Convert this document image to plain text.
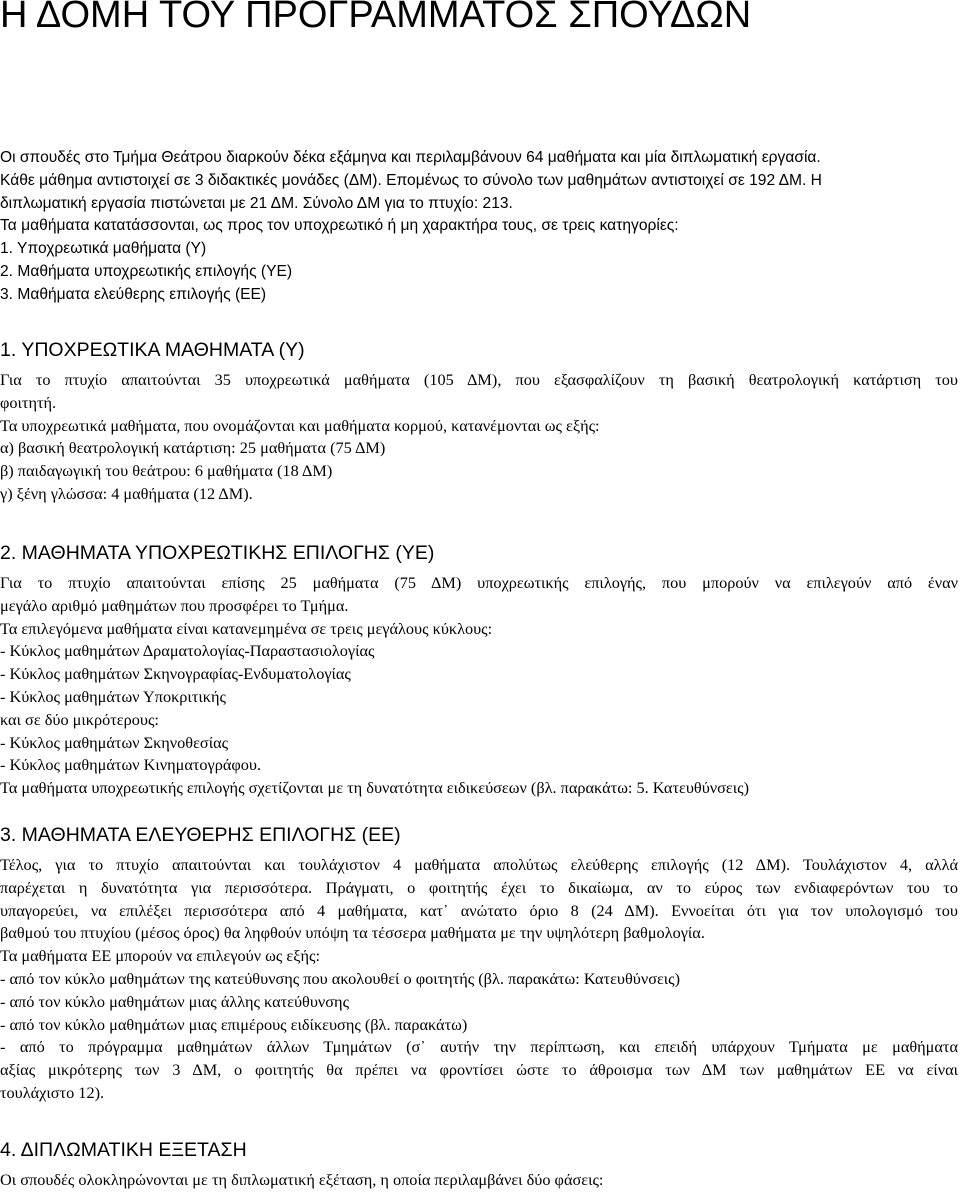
Η ΔΟΜΗ ΤΟΥ ΠΡΟΓΡΑΜΜΑΤΟΣ ΣΠΟΥΔΩΝ
Οι σπουδές στο Τμήμα Θεάτρου διαρκούν δέκα εξάμηνα και περιλαμβάνουν 64 μαθήματα και μία διπλωματική εργασία.
Κάθε μάθημα αντιστοιχεί σε 3 διδακτικές μονάδες (ΔΜ). Επομένως το σύνολο των μαθημάτων αντιστοιχεί σε 192 ΔΜ. Η
διπλωματική εργασία πιστώνεται με 21 ΔΜ. Σύνολο ΔΜ για το πτυχίο: 213.
Τα μαθήματα κατατάσσονται, ως προς τον υποχρεωτικό ή μη χαρακτήρα τους, σε τρεις κατηγορίες:
1. Υποχρεωτικά μαθήματα (Υ)
2. Μαθήματα υποχρεωτικής επιλογής (ΥΕ)
3. Μαθήματα ελεύθερης επιλογής (ΕΕ)
1. ΥΠΟΧΡΕΩΤΙΚΑ ΜΑΘΗΜΑΤΑ (Υ)
Για το πτυχίο απαιτούνται 35 υποχρεωτικά μαθήματα (105 ΔΜ), που εξασφαλίζουν τη βασική θεατρολογική κατάρτιση του
φοιτητή.
Τα υποχρεωτικά μαθήματα, που ονομάζονται και μαθήματα κορμού, κατανέμονται ως εξής:
α) βασική θεατρολογική κατάρτιση: 25 μαθήματα (75 ΔΜ)
β) παιδαγωγική του θεάτρου: 6 μαθήματα (18 ΔΜ)
γ) ξένη γλώσσα: 4 μαθήματα (12 ΔΜ).
2. ΜΑΘΗΜΑΤΑ ΥΠΟΧΡΕΩΤΙΚΗΣ ΕΠΙΛΟΓΗΣ (ΥΕ)
Για το πτυχίο απαιτούνται επίσης 25 μαθήματα (75 ΔΜ) υποχρεωτικής επιλογής, που μπορούν να επιλεγούν από έναν
μεγάλο αριθμό μαθημάτων που προσφέρει το Τμήμα.
Τα επιλεγόμενα μαθήματα είναι κατανεμημένα σε τρεις μεγάλους κύκλους:
- Κύκλος μαθημάτων Δραματολογίας-Παραστασιολογίας
- Κύκλος μαθημάτων Σκηνογραφίας-Ενδυματολογίας
- Κύκλος μαθημάτων Υποκριτικής
και σε δύο μικρότερους:
- Κύκλος μαθημάτων Σκηνοθεσίας
- Κύκλος μαθημάτων Κινηματογράφου.
Τα μαθήματα υποχρεωτικής επιλογής σχετίζονται με τη δυνατότητα ειδικεύσεων (βλ. παρακάτω: 5. Κατευθύνσεις)
3. ΜΑΘΗΜΑΤΑ ΕΛΕΥΘΕΡΗΣ ΕΠΙΛΟΓΗΣ (ΕΕ)
Τέλος, για το πτυχίο απαιτούνται και τουλάχιστον 4 μαθήματα απολύτως ελεύθερης επιλογής (12 ΔΜ). Τουλάχιστον 4, αλλά
παρέχεται η δυνατότητα για περισσότερα. Πράγματι, ο φοιτητής έχει το δικαίωμα, αν το εύρος των ενδιαφερόντων του το
υπαγορεύει, να επιλέξει περισσότερα από 4 μαθήματα, κατ᾽ ανώτατο όριο 8 (24 ΔΜ). Εννοείται ότι για τον υπολογισμό του
βαθμού του πτυχίου (μέσος όρος) θα ληφθούν υπόψη τα τέσσερα μαθήματα με την υψηλότερη βαθμολογία.
Τα μαθήματα ΕΕ μπορούν να επιλεγούν ως εξής:
- από τον κύκλο μαθημάτων της κατεύθυνσης που ακολουθεί ο φοιτητής (βλ. παρακάτω: Κατευθύνσεις)
- από τον κύκλο μαθημάτων μιας άλλης κατεύθυνσης
- από τον κύκλο μαθημάτων μιας επιμέρους ειδίκευσης (βλ. παρακάτω)
- από το πρόγραμμα μαθημάτων άλλων Τμημάτων (σ᾽ αυτήν την περίπτωση, και επειδή υπάρχουν Τμήματα με μαθήματα
αξίας μικρότερης των 3 ΔΜ, ο φοιτητής θα πρέπει να φροντίσει ώστε το άθροισμα των ΔΜ των μαθημάτων ΕΕ να είναι
τουλάχιστο 12).
4. ΔΙΠΛΩΜΑΤΙΚΗ ΕΞΕΤΑΣΗ
Οι σπουδές ολοκληρώνονται με τη διπλωματική εξέταση, η οποία περιλαμβάνει δύο φάσεις:
